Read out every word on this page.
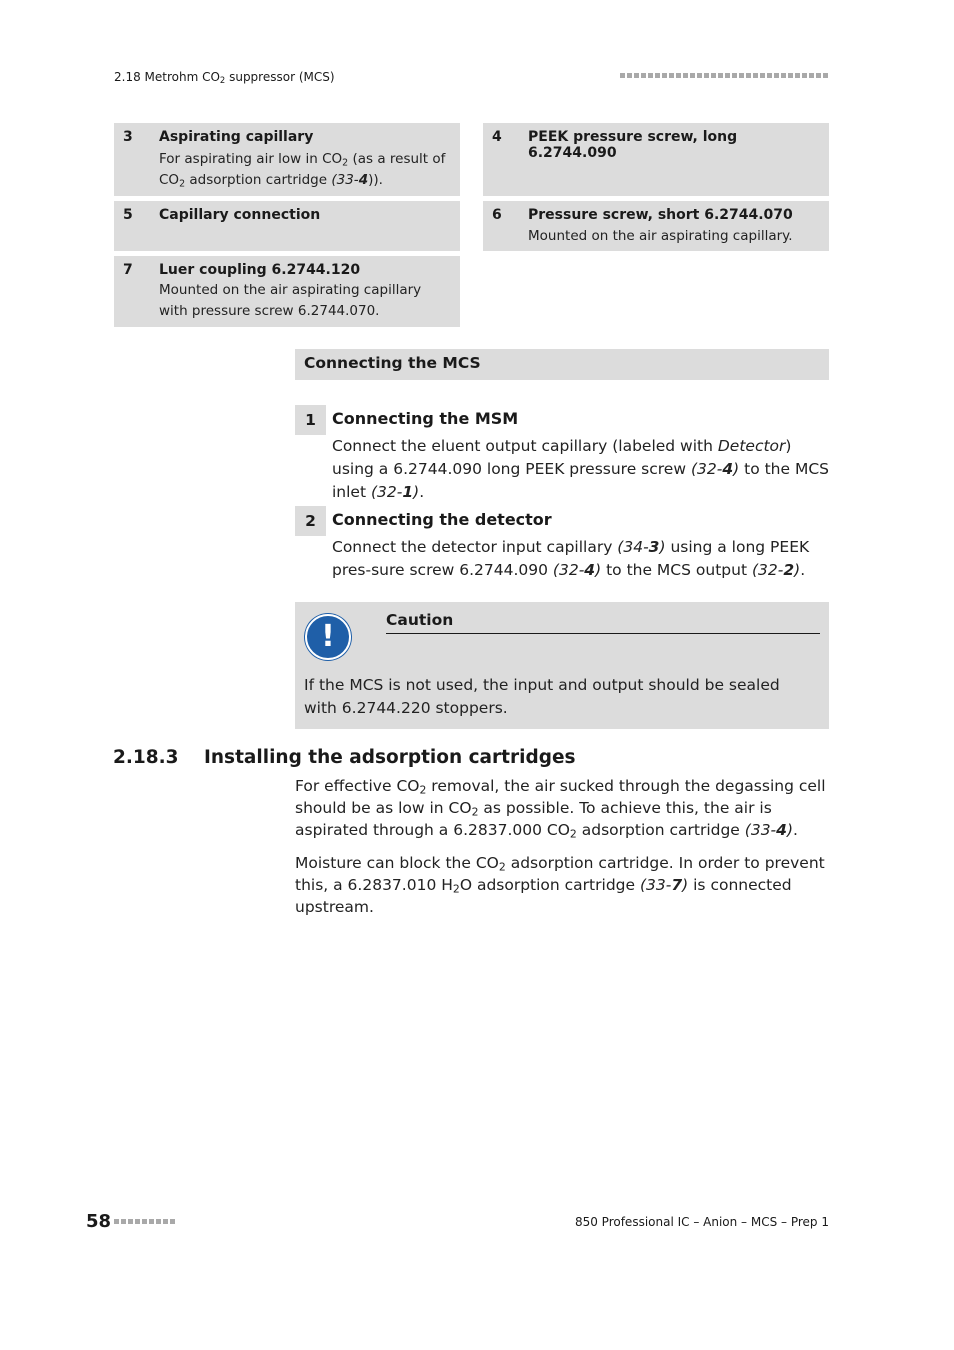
2.18 Metrohm $CO_2$ suppressor (MCS)
3 Aspirating capillary
For aspirating air low in $CO_2$ (as a result of $CO_2$ adsorption cartridge (33-4)).
4 PEEK pressure screw, long 6.2744.090
5 Capillary connection	6 Pressure screw, short 6.2744.070
Mounted on the air aspirating capillary.
7 Luer coupling 6.2744.120
Mounted on the air aspirating capillary with pressure screw 6.2744.070.
Connecting the MCS
1	Connecting the MSM
Connect the eluent output capillary (labeled with Detector) using a 6.2744.090 long PEEK pressure screw (32-4) to the MCS inlet (32-1).
2	Connecting the detector
Connect the detector input capillary (34-3) using a long PEEK pres-sure screw 6.2744.090 (32-4) to the MCS output (32-2).
!	Caution
If the MCS is not used, the input and output should be sealed with 6.2744.220 stoppers.
2.18.3 Installing the adsorption cartridges
For effective $CO_2$ removal, the air sucked through the degassing cell should be as low in $CO_2$ as possible. To achieve this, the air is aspirated through a 6.2837.000 $CO_2$ adsorption cartridge (33-4).
Moisture can block the $CO_2$ adsorption cartridge. In order to prevent this, a 6.2837.010 $H_2O$ adsorption cartridge (33-7) is connected upstream.
58	850 Professional IC – Anion – MCS – Prep 1
